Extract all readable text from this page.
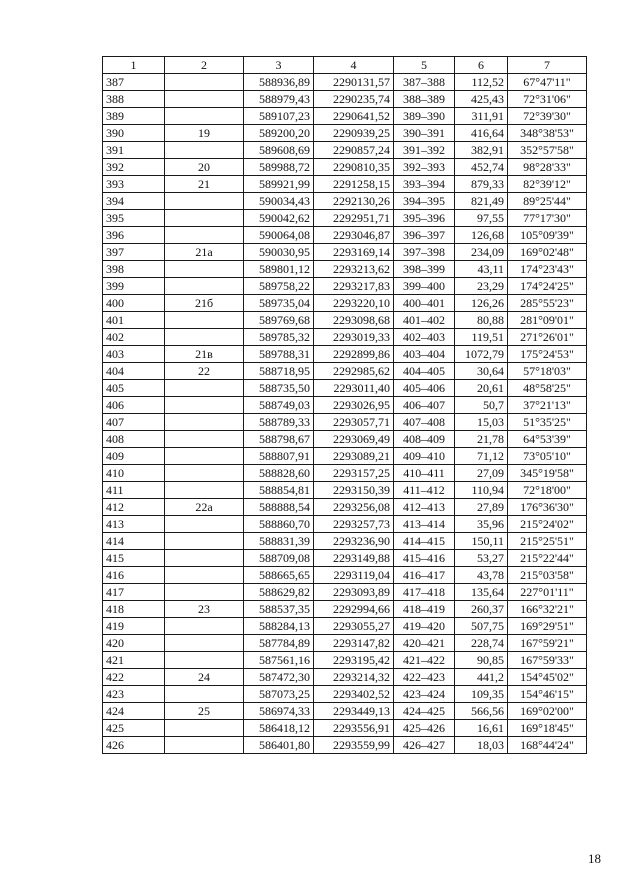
1	2	3	4	5	6	7
387		588936,89	2290131,57	387–388	112,52	67°47'11"
388		588979,43	2290235,74	388–389	425,43	72°31'06"
389		589107,23	2290641,52	389–390	311,91	72°39'30"
390	19	589200,20	2290939,25	390–391	416,64	348°38'53"
391		589608,69	2290857,24	391–392	382,91	352°57'58"
392	20	589988,72	2290810,35	392–393	452,74	98°28'33"
393	21	589921,99	2291258,15	393–394	879,33	82°39'12"
394		590034,43	2292130,26	394–395	821,49	89°25'44"
395		590042,62	2292951,71	395–396	97,55	77°17'30"
396		590064,08	2293046,87	396–397	126,68	105°09'39"
397	21a	590030,95	2293169,14	397–398	234,09	169°02'48"
398		589801,12	2293213,62	398–399	43,11	174°23'43"
399		589758,22	2293217,83	399–400	23,29	174°24'25"
400	21б	589735,04	2293220,10	400–401	126,26	285°55'23"
401		589769,68	2293098,68	401–402	80,88	281°09'01"
402		589785,32	2293019,33	402–403	119,51	271°26'01"
403	21в	589788,31	2292899,86	403–404	1072,79	175°24'53"
404	22	588718,95	2292985,62	404–405	30,64	57°18'03"
405		588735,50	2293011,40	405–406	20,61	48°58'25"
406		588749,03	2293026,95	406–407	50,7	37°21'13"
407		588789,33	2293057,71	407–408	15,03	51°35'25"
408		588798,67	2293069,49	408–409	21,78	64°53'39"
409		588807,91	2293089,21	409–410	71,12	73°05'10"
410		588828,60	2293157,25	410–411	27,09	345°19'58"
411		588854,81	2293150,39	411–412	110,94	72°18'00"
412	22a	588888,54	2293256,08	412–413	27,89	176°36'30"
413		588860,70	2293257,73	413–414	35,96	215°24'02"
414		588831,39	2293236,90	414–415	150,11	215°25'51"
415		588709,08	2293149,88	415–416	53,27	215°22'44"
416		588665,65	2293119,04	416–417	43,78	215°03'58"
417		588629,82	2293093,89	417–418	135,64	227°01'11"
418	23	588537,35	2292994,66	418–419	260,37	166°32'21"
419		588284,13	2293055,27	419–420	507,75	169°29'51"
420		587784,89	2293147,82	420–421	228,74	167°59'21"
421		587561,16	2293195,42	421–422	90,85	167°59'33"
422	24	587472,30	2293214,32	422–423	441,2	154°45'02"
423		587073,25	2293402,52	423–424	109,35	154°46'15"
424	25	586974,33	2293449,13	424–425	566,56	169°02'00"
425		586418,12	2293556,91	425–426	16,61	169°18'45"
426		586401,80	2293559,99	426–427	18,03	168°44'24"
18
